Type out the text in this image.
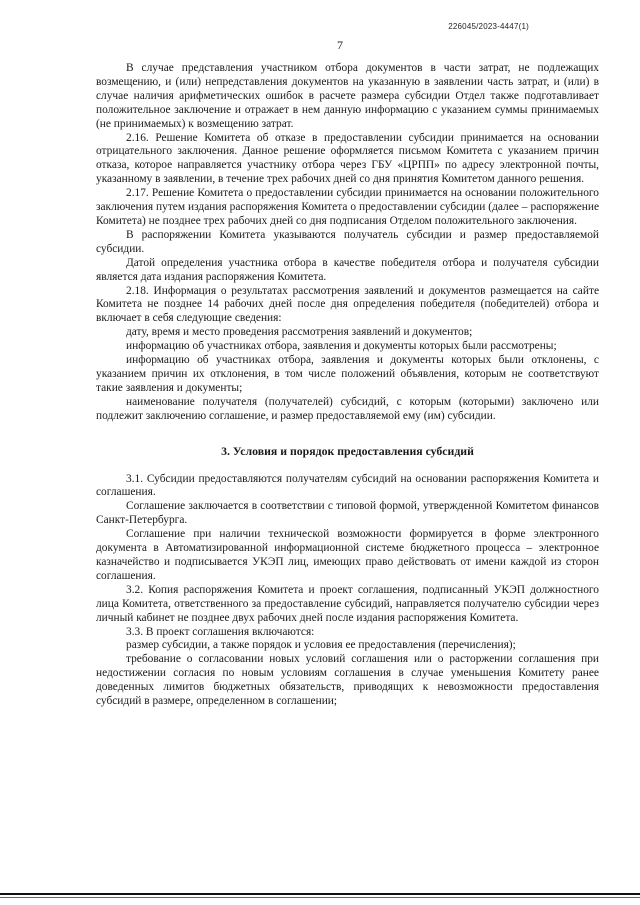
226045/2023-4447(1)
7

В случае представления участником отбора документов в части затрат, не подлежащих возмещению, и (или) непредставления документов на указанную в заявлении часть затрат, и (или) в случае наличия арифметических ошибок в расчете размера субсидии Отдел также подготавливает положительное заключение и отражает в нем данную информацию с указанием суммы принимаемых (не принимаемых) к возмещению затрат.

2.16. Решение Комитета об отказе в предоставлении субсидии принимается на основании отрицательного заключения. Данное решение оформляется письмом Комитета с указанием причин отказа, которое направляется участнику отбора через ГБУ «ЦРПП» по адресу электронной почты, указанному в заявлении, в течение трех рабочих дней со дня принятия Комитетом данного решения.

2.17. Решение Комитета о предоставлении субсидии принимается на основании положительного заключения путем издания распоряжения Комитета о предоставлении субсидии (далее – распоряжение Комитета) не позднее трех рабочих дней со дня подписания Отделом положительного заключения.

В распоряжении Комитета указываются получатель субсидии и размер предоставляемой субсидии.

Датой определения участника отбора в качестве победителя отбора и получателя субсидии является дата издания распоряжения Комитета.

2.18. Информация о результатах рассмотрения заявлений и документов размещается на сайте Комитета не позднее 14 рабочих дней после дня определения победителя (победителей) отбора и включает в себя следующие сведения:

дату, время и место проведения рассмотрения заявлений и документов;

информацию об участниках отбора, заявления и документы которых были рассмотрены;

информацию об участниках отбора, заявления и документы которых были отклонены, с указанием причин их отклонения, в том числе положений объявления, которым не соответствуют такие заявления и документы;

наименование получателя (получателей) субсидий, с которым (которыми) заключено или подлежит заключению соглашение, и размер предоставляемой ему (им) субсидии.

3. Условия и порядок предоставления субсидий

3.1. Субсидии предоставляются получателям субсидий на основании распоряжения Комитета и соглашения.

Соглашение заключается в соответствии с типовой формой, утвержденной Комитетом финансов Санкт-Петербурга.

Соглашение при наличии технической возможности формируется в форме электронного документа в Автоматизированной информационной системе бюджетного процесса – электронное казначейство и подписывается УКЭП лиц, имеющих право действовать от имени каждой из сторон соглашения.

3.2. Копия распоряжения Комитета и проект соглашения, подписанный УКЭП должностного лица Комитета, ответственного за предоставление субсидий, направляется получателю субсидии через личный кабинет не позднее двух рабочих дней после издания распоряжения Комитета.

3.3. В проект соглашения включаются:

размер субсидии, а также порядок и условия ее предоставления (перечисления);

требование о согласовании новых условий соглашения или о расторжении соглашения при недостижении согласия по новым условиям соглашения в случае уменьшения Комитету ранее доведенных лимитов бюджетных обязательств, приводящих к невозможности предоставления субсидий в размере, определенном в соглашении;
